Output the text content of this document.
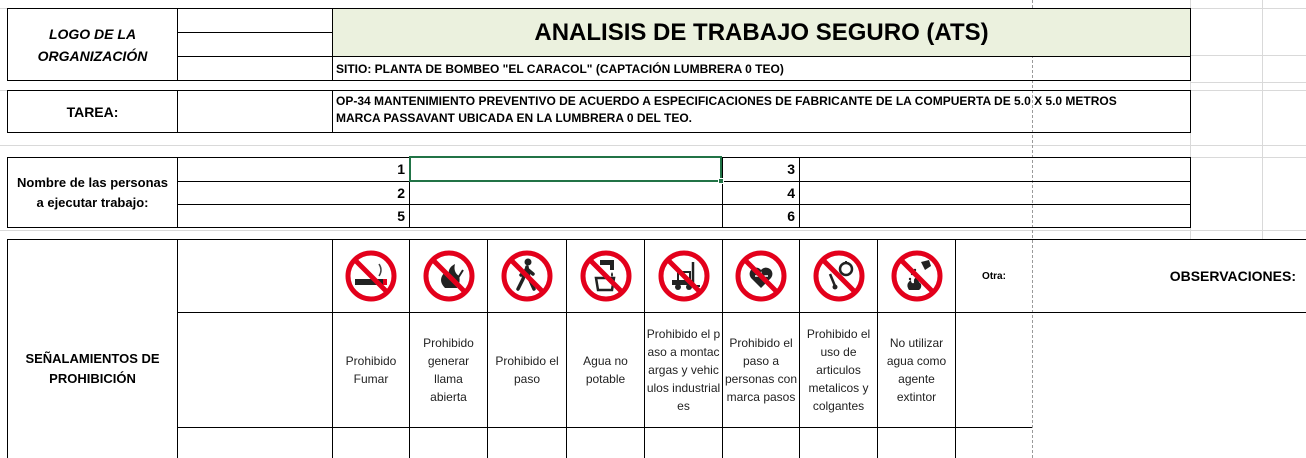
LOGO DE LA ORGANIZACIÓN
ANALISIS DE TRABAJO SEGURO (ATS)
SITIO: PLANTA DE BOMBEO "EL CARACOL" (CAPTACIÓN LUMBRERA 0 TEO)
TAREA:
OP-34 MANTENIMIENTO PREVENTIVO DE ACUERDO A ESPECIFICACIONES DE FABRICANTE DE LA COMPUERTA DE 5.0 X 5.0 METROS
MARCA PASSAVANT UBICADA EN LA LUMBRERA 0 DEL TEO.
Nombre de las personas
a ejecutar trabajo:
1
2
5
3
4
6
SEÑALAMIENTOS DE
PROHIBICIÓN
Otra:	OBSERVACIONES:
Prohibido Fumar
Prohibido generar llama abierta
Prohibido el paso
Agua no potable
Prohibido el paso a montacargas y vehiculos industriales
Prohibido el paso a personas con marca pasos
Prohibido el uso de articulos metalicos y colgantes
No utilizar agua como agente extintor
